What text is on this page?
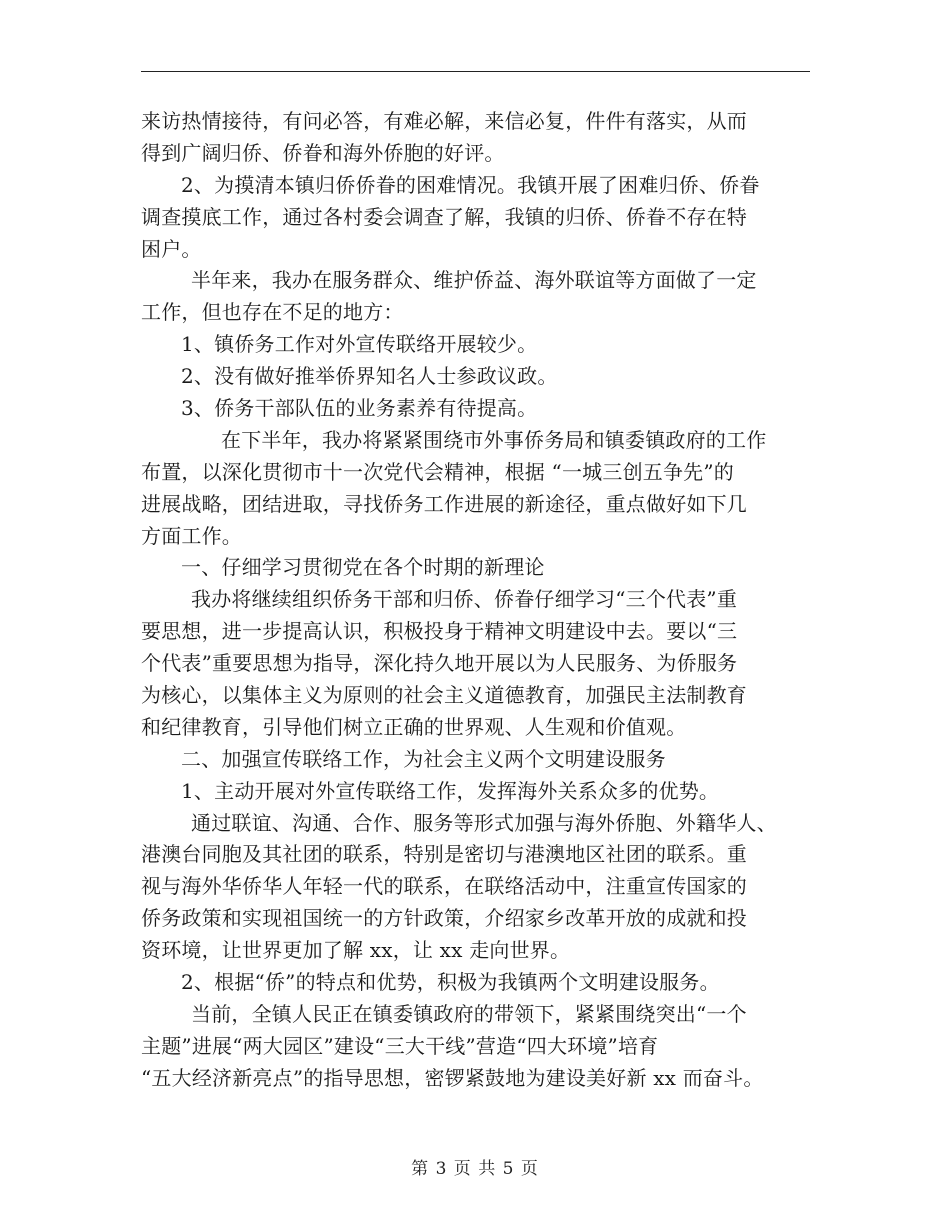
来访热情接待，有问必答，有难必解，来信必复，件件有落实，从而
得到广阔归侨、侨眷和海外侨胞的好评。
2、为摸清本镇归侨侨眷的困难情况。我镇开展了困难归侨、侨眷
调查摸底工作，通过各村委会调查了解，我镇的归侨、侨眷不存在特
困户。
半年来，我办在服务群众、维护侨益、海外联谊等方面做了一定
工作，但也存在不足的地方：
1、镇侨务工作对外宣传联络开展较少。
2、没有做好推举侨界知名人士参政议政。
3、侨务干部队伍的业务素养有待提高。
在下半年，我办将紧紧围绕市外事侨务局和镇委镇政府的工作
布置，以深化贯彻市十一次党代会精神，根据 “一城三创五争先”的
进展战略，团结进取，寻找侨务工作进展的新途径，重点做好如下几
方面工作。
一、仔细学习贯彻党在各个时期的新理论
我办将继续组织侨务干部和归侨、侨眷仔细学习“三个代表”重
要思想，进一步提高认识，积极投身于精神文明建设中去。要以“三
个代表”重要思想为指导，深化持久地开展以为人民服务、为侨服务
为核心，以集体主义为原则的社会主义道德教育，加强民主法制教育
和纪律教育，引导他们树立正确的世界观、人生观和价值观。
二、加强宣传联络工作，为社会主义两个文明建设服务
1、主动开展对外宣传联络工作，发挥海外关系众多的优势。
通过联谊、沟通、合作、服务等形式加强与海外侨胞、外籍华人、
港澳台同胞及其社团的联系，特别是密切与港澳地区社团的联系。重
视与海外华侨华人年轻一代的联系，在联络活动中，注重宣传国家的
侨务政策和实现祖国统一的方针政策，介绍家乡改革开放的成就和投
资环境，让世界更加了解 xx，让 xx 走向世界。
2、根据“侨”的特点和优势，积极为我镇两个文明建设服务。
当前，全镇人民正在镇委镇政府的带领下，紧紧围绕突出“一个
主题”进展“两大园区”建设“三大干线”营造“四大环境”培育
“五大经济新亮点”的指导思想，密锣紧鼓地为建设美好新 xx 而奋斗。
第 3 页 共 5 页
